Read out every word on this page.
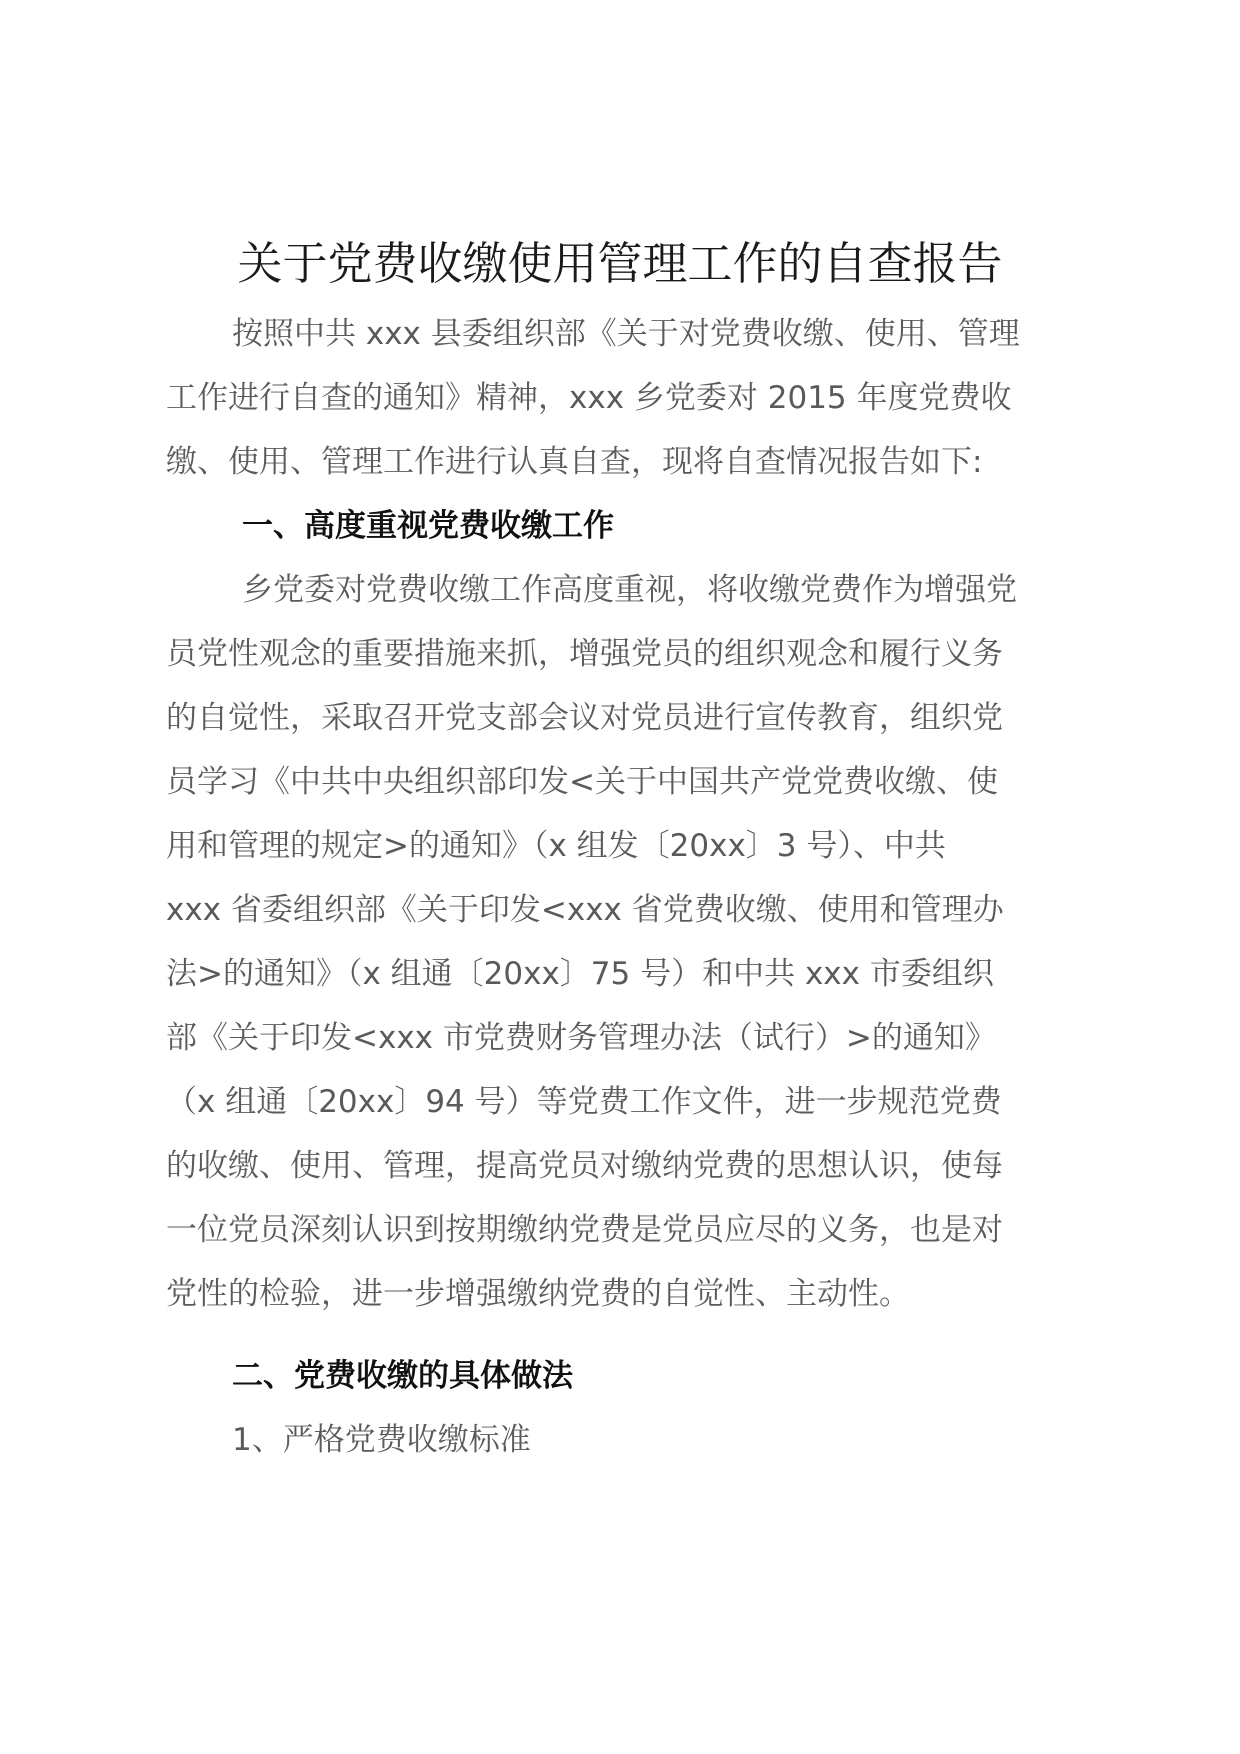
关于党费收缴使用管理工作的自查报告

按照中共 xxx 县委组织部《关于对党费收缴、使用、管理
工作进行自查的通知》精神，xxx 乡党委对 2015 年度党费收
缴、使用、管理工作进行认真自查，现将自查情况报告如下:

一、高度重视党费收缴工作

乡党委对党费收缴工作高度重视，将收缴党费作为增强党
员党性观念的重要措施来抓，增强党员的组织观念和履行义务
的自觉性，采取召开党支部会议对党员进行宣传教育，组织党
员学习《中共中央组织部印发<关于中国共产党党费收缴、使
用和管理的规定>的通知》（x 组发〔20xx〕3 号）、中共
xxx 省委组织部《关于印发<xxx 省党费收缴、使用和管理办
法>的通知》（x 组通〔20xx〕75 号）和中共 xxx 市委组织
部《关于印发<xxx 市党费财务管理办法（试行）>的通知》
（x 组通〔20xx〕94 号）等党费工作文件，进一步规范党费
的收缴、使用、管理，提高党员对缴纳党费的思想认识，使每
一位党员深刻认识到按期缴纳党费是党员应尽的义务，也是对
党性的检验，进一步增强缴纳党费的自觉性、主动性。

二、党费收缴的具体做法

1、严格党费收缴标准
